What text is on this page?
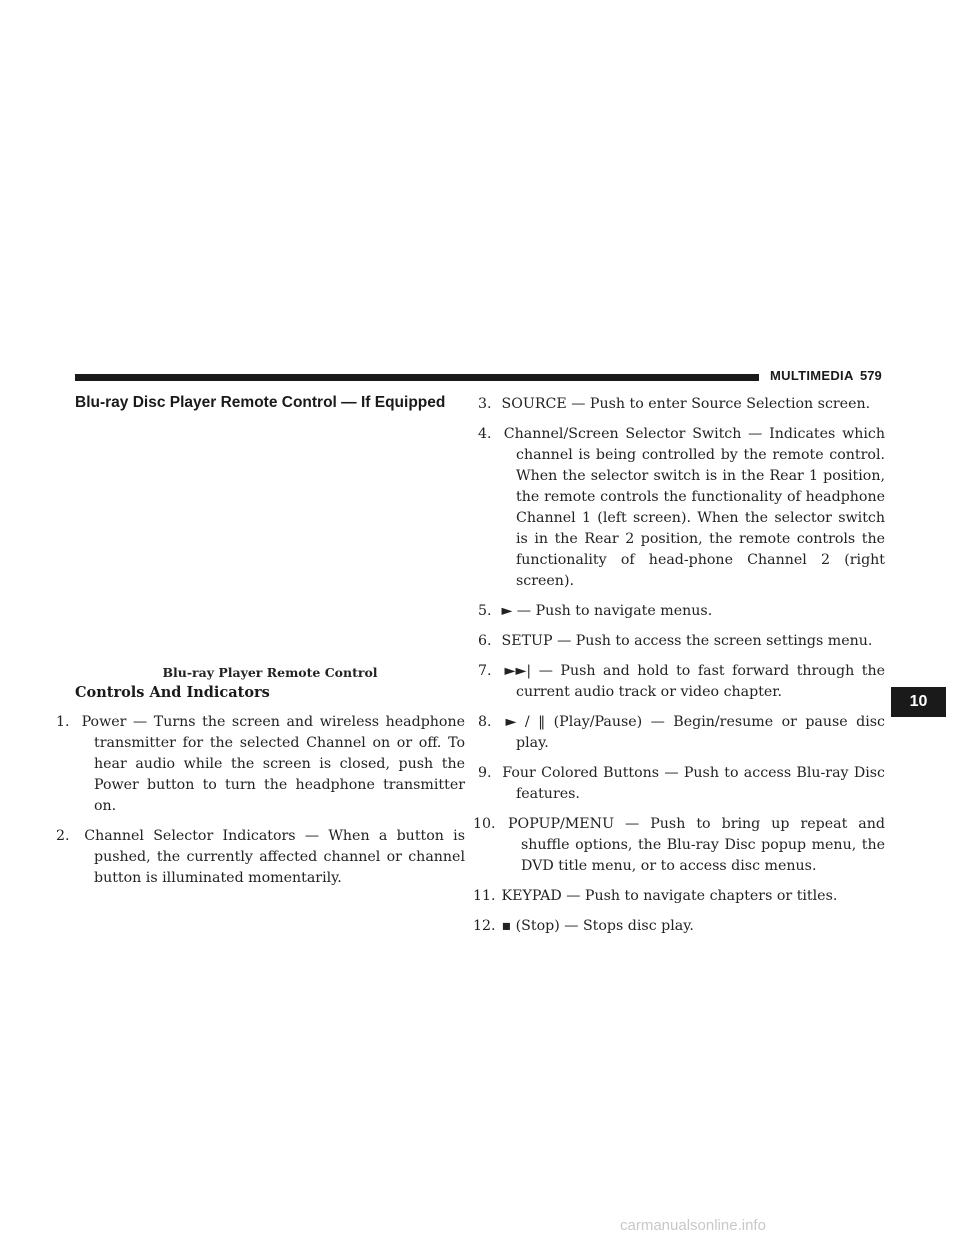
MULTIMEDIA 579
Blu-ray Disc Player Remote Control — If Equipped
Blu-ray Player Remote Control
Controls And Indicators
1. Power — Turns the screen and wireless headphone transmitter for the selected Channel on or off. To hear audio while the screen is closed, push the Power button to turn the headphone transmitter on.
2. Channel Selector Indicators — When a button is pushed, the currently affected channel or channel button is illuminated momentarily.
3. SOURCE — Push to enter Source Selection screen.
4. Channel/Screen Selector Switch — Indicates which channel is being controlled by the remote control. When the selector switch is in the Rear 1 position, the remote controls the functionality of headphone Channel 1 (left screen). When the selector switch is in the Rear 2 position, the remote controls the functionality of head-phone Channel 2 (right screen).
5. ► — Push to navigate menus.
6. SETUP — Push to access the screen settings menu.
7. ►►| — Push and hold to fast forward through the current audio track or video chapter.
8. ► / ‖ (Play/Pause) — Begin/resume or pause disc play.
9. Four Colored Buttons — Push to access Blu-ray Disc features.
10. POPUP/MENU — Push to bring up repeat and shuffle options, the Blu-ray Disc popup menu, the DVD title menu, or to access disc menus.
11. KEYPAD — Push to navigate chapters or titles.
12. ▪ (Stop) — Stops disc play.
10
carmanualsonline.info
